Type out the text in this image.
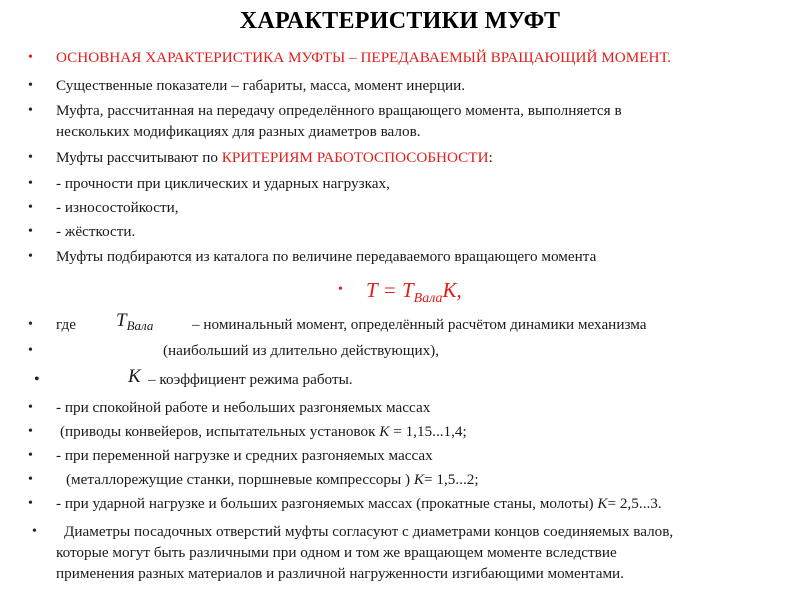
ХАРАКТЕРИСТИКИ МУФТ
•	ОСНОВНАЯ ХАРАКТЕРИСТИКА МУФТЫ – ПЕРЕДАВАЕМЫЙ ВРАЩАЮЩИЙ МОМЕНТ.
•	Существенные показатели – габариты, масса, момент инерции.
•	Муфта, рассчитанная на передачу определённого вращающего момента, выполняется в
нескольких модификациях для разных диаметров валов.
•	Муфты рассчитывают по КРИТЕРИЯМ РАБОТОСПОСОБНОСТИ:
•	- прочности при циклических и ударных нагрузках,
•	- износостойкости,
•	- жёсткости.
•	Муфты подбираются из каталога по величине передаваемого вращающего момента
•	$T = T_{Вала}K$,
•	где $T_{Вала}$	– номинальный момент, определённый расчётом динамики механизма
•	(наибольший из длительно действующих),
•	K – коэффициент режима работы.
•	- при спокойной работе и небольших разгоняемых массах
•	(приводы конвейеров, испытательных установок K = 1,15...1,4;
•	- при переменной нагрузке и средних разгоняемых массах
•	(металлорежущие станки, поршневые компрессоры ) K= 1,5...2;
•	- при ударной нагрузке и больших разгоняемых массах (прокатные станы, молоты) K= 2,5...3.
•	Диаметры посадочных отверстий муфты согласуют с диаметрами концов соединяемых валов,
которые могут быть различными при одном и том же вращающем моменте вследствие
применения разных материалов и различной нагруженности изгибающими моментами.
